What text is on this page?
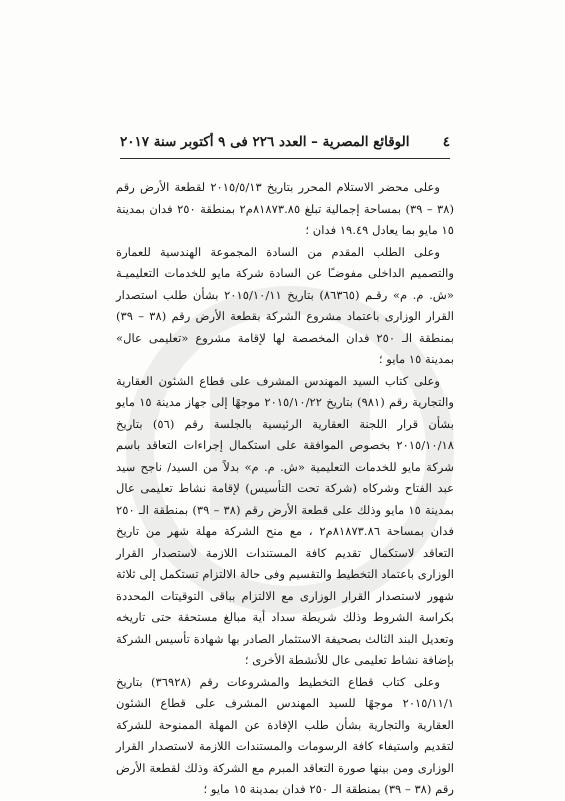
٤
الوقائع المصرية – العدد ٢٢٦ فى ٩ أكتوبر سنة ٢٠١٧

وعلى محضر الاستلام المحرر بتاريخ ٢٠١٥/٥/١٣ لقطعة الأرض رقم (٣٨ – ٣٩) بمساحة إجمالية تبلغ ٨١٨٧٣.٨٥م٢ بمنطقة ٢٥٠ فدان بمدينة ١٥ مايو بما يعادل ١٩.٤٩ فدان ؛

وعلى الطلب المقدم من السادة المجموعة الهندسية للعمارة والتصميم الداخلى مفوضـًا عن السادة شركة مايو للخدمات التعليميـة «ش. م. م» رقـم (٨٦٣٦٥) بتاريخ ٢٠١٥/١٠/١١ بشأن طلب استصدار القرار الوزارى باعتماد مشروع الشركة بقطعة الأرض رقم (٣٨ – ٣٩) بمنطقة الـ ٢٥٠ فدان المخصصة لها لإقامة مشروع «تعليمى عال» بمدينة ١٥ مايو ؛

وعلى كتاب السيد المهندس المشرف على قطاع الشئون العقارية والتجارية رقم (٩٨١) بتاريخ ٢٠١٥/١٠/٢٢ موجهًا إلى جهاز مدينة ١٥ مايو بشأن قرار اللجنة العقارية الرئيسية بالجلسة رقم (٥٦) بتاريخ ٢٠١٥/١٠/١٨ بخصوص الموافقة على استكمال إجراءات التعاقد باسم شركة مايو للخدمات التعليمية «ش. م. م» بدلاً من السيد/ ناجح سيد عبد الفتاح وشركاه (شركة تحت التأسيس) لإقامة نشاط تعليمى عال بمدينة ١٥ مايو وذلك على قطعة الأرض رقم (٣٨ – ٣٩) بمنطقة الـ ٢٥٠ فدان بمساحة ٨١٨٧٣.٨٦م٢ ، مع منح الشركة مهلة شهر من تاريخ التعاقد لاستكمال تقديم كافة المستندات اللازمة لاستصدار القرار الوزارى باعتماد التخطيط والتقسيم وفى حالة الالتزام تستكمل إلى ثلاثة شهور لاستصدار القرار الوزارى مع الالتزام بباقى التوقيتات المحددة بكراسة الشروط وذلك شريطة سداد أية مبالغ مستحقة حتى تاريخه وتعديل البند الثالث بصحيفة الاستثمار الصادر بها شهادة تأسيس الشركة بإضافة نشاط تعليمى عال للأنشطة الأخرى ؛

وعلى كتاب قطاع التخطيط والمشروعات رقم (٣٦٩٢٨) بتاريخ ٢٠١٥/١١/١ موجهًا للسيد المهندس المشرف على قطاع الشئون العقارية والتجارية بشأن طلب الإفادة عن المهلة الممنوحة للشركة لتقديم واستيفاء كافة الرسومات والمستندات اللازمة لاستصدار القرار الوزارى ومن بينها صورة التعاقد المبرم مع الشركة وذلك لقطعة الأرض رقم (٣٨ – ٣٩) بمنطقة الـ ٢٥٠ فدان بمدينة ١٥ مايو ؛
